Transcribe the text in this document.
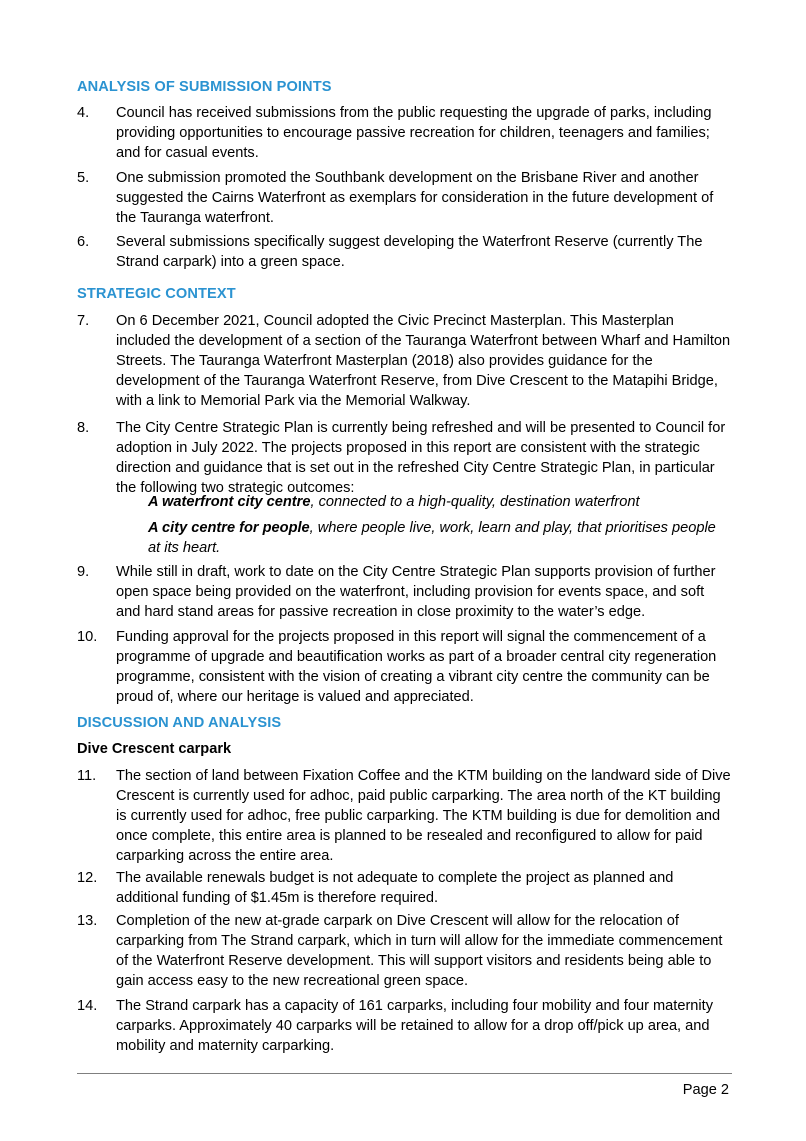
ANALYSIS OF SUBMISSION POINTS
4.	Council has received submissions from the public requesting the upgrade of parks, including providing opportunities to encourage passive recreation for children, teenagers and families; and for casual events.
5.	One submission promoted the Southbank development on the Brisbane River and another suggested the Cairns Waterfront as exemplars for consideration in the future development of the Tauranga waterfront.
6.	Several submissions specifically suggest developing the Waterfront Reserve (currently The Strand carpark) into a green space.
STRATEGIC CONTEXT
7.	On 6 December 2021, Council adopted the Civic Precinct Masterplan. This Masterplan included the development of a section of the Tauranga Waterfront between Wharf and Hamilton Streets. The Tauranga Waterfront Masterplan (2018) also provides guidance for the development of the Tauranga Waterfront Reserve, from Dive Crescent to the Matapihi Bridge, with a link to Memorial Park via the Memorial Walkway.
8.	The City Centre Strategic Plan is currently being refreshed and will be presented to Council for adoption in July 2022. The projects proposed in this report are consistent with the strategic direction and guidance that is set out in the refreshed City Centre Strategic Plan, in particular the following two strategic outcomes:
A waterfront city centre, connected to a high-quality, destination waterfront
A city centre for people, where people live, work, learn and play, that prioritises people at its heart.
9.	While still in draft, work to date on the City Centre Strategic Plan supports provision of further open space being provided on the waterfront, including provision for events space, and soft and hard stand areas for passive recreation in close proximity to the water’s edge.
10.	Funding approval for the projects proposed in this report will signal the commencement of a programme of upgrade and beautification works as part of a broader central city regeneration programme, consistent with the vision of creating a vibrant city centre the community can be proud of, where our heritage is valued and appreciated.
DISCUSSION AND ANALYSIS
Dive Crescent carpark
11.	The section of land between Fixation Coffee and the KTM building on the landward side of Dive Crescent is currently used for adhoc, paid public carparking. The area north of the KT building is currently used for adhoc, free public carparking. The KTM building is due for demolition and once complete, this entire area is planned to be resealed and reconfigured to allow for paid carparking across the entire area.
12.	The available renewals budget is not adequate to complete the project as planned and additional funding of $1.45m is therefore required.
13.	Completion of the new at-grade carpark on Dive Crescent will allow for the relocation of carparking from The Strand carpark, which in turn will allow for the immediate commencement of the Waterfront Reserve development. This will support visitors and residents being able to gain access easy to the new recreational green space.
14.	The Strand carpark has a capacity of 161 carparks, including four mobility and four maternity carparks. Approximately 40 carparks will be retained to allow for a drop off/pick up area, and mobility and maternity carparking.
Page 2
